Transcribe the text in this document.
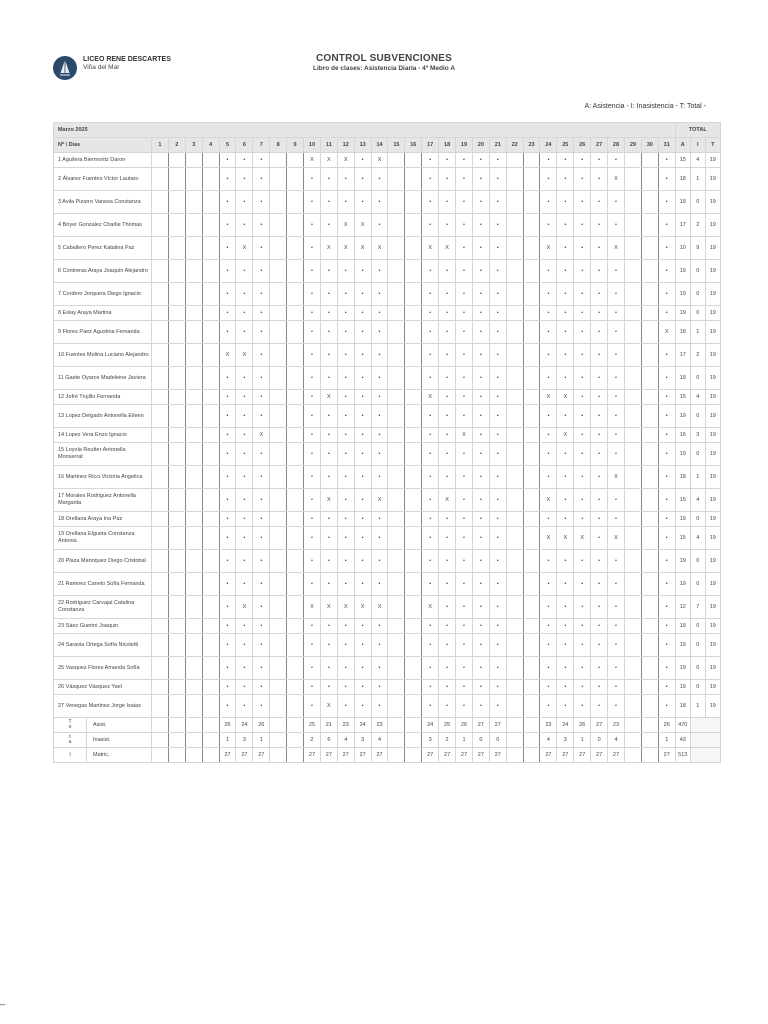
LICEO RENE DESCARTES
Viña del Mar
CONTROL SUBVENCIONES
Libro de clases: Asistencia Diaria - 4º Medio A
A: Asistencia - I: Inasistencia - T: Total -
Marzo 2025																																TOTAL		
Nº \ Días	1	2	3	4	5	6	7	8	9	10	11	12	13	14	15	16	17	18	19	20	21	22	23	24	25	26	27	28	29	30	31	A	I	T
1 Aguilera Biermoritz Daron					•	•	•			X	X	X	•	X			•	•	•	•	•			•	•	•	•	•			•	15	4	19
2 Álvarez Fuentes Víctor Lautaro					•	•	•			•	•	•	•	•			•	•	•	•	•			•	•	•	•	X			•	18	1	19
3 Avila Pizarro Vanesa Constanza					•	•	•			•	•	•	•	•			•	•	•	•	•			•	•	•	•	•			•	19	0	19
4 Boyer Gonzalez Charlie Thomas					•	•	•			•	•	X	X	•			•	•	•	•	•			•	•	•	•	•			•	17	2	19
5 Caballero Perez Katalina Paz					•	X	•			•	X	X	X	X			X	X	•	•	•			X	•	•	•	X			•	10	9	19
6 Contreras Araya Joaquín Alejandro					•	•	•			•	•	•	•	•			•	•	•	•	•			•	•	•	•	•			•	19	0	19
7 Cordero Jorquera Diego Ignacio					•	•	•			•	•	•	•	•			•	•	•	•	•			•	•	•	•	•			•	19	0	19
8 Eslay Araya Martina					•	•	•			•	•	•	•	•			•	•	•	•	•			•	•	•	•	•			•	19	0	19
9 Flores Paez Agustina Fernanda					•	•	•			•	•	•	•	•			•	•	•	•	•			•	•	•	•	•			X	18	1	19
10 Fuentes Molina Luciano Alejandro					X	X	•			•	•	•	•	•			•	•	•	•	•			•	•	•	•	•			•	17	2	19
11 Gaete Oyarce Madeleine Javiera					•	•	•			•	•	•	•	•			•	•	•	•	•			•	•	•	•	•			•	19	0	19
12 Jofré Trujillo Fernanda					•	•	•			•	X	•	•	•			X	•	•	•	•			X	X	•	•	•			•	15	4	19
13 Lopez Delgado Antonella Eileen					•	•	•			•	•	•	•	•			•	•	•	•	•			•	•	•	•	•			•	19	0	19
14 Lopez Vera Enzo Ignacio					•	•	X			•	•	•	•	•			•	•	X	•	•			•	X	•	•	•			•	16	3	19
15 Loyola Reutter Antonella Monserrat					•	•	•			•	•	•	•	•			•	•	•	•	•			•	•	•	•	•			•	19	0	19
16 Martinez Ricci Victoria Angelica					•	•	•			•	•	•	•	•			•	•	•	•	•			•	•	•	•	X			•	18	1	19
17 Morales Rodriguez Antonella Margarita					•	•	•			•	X	•	•	X			•	X	•	•	•			X	•	•	•	•			•	15	4	19
18 Orellana Araya Ina Paz					•	•	•			•	•	•	•	•			•	•	•	•	•			•	•	•	•	•			•	19	0	19
19 Orellana Elgueta Constanza Antonia					•	•	•			•	•	•	•	•			•	•	•	•	•			X	X	X	•	X			•	15	4	19
20 Plaza Manriquez Diego Cristobal					•	•	•			•	•	•	•	•			•	•	•	•	•			•	•	•	•	•			•	19	0	19
21 Ramirez Canelo Sofía Fernanda					•	•	•			•	•	•	•	•			•	•	•	•	•			•	•	•	•	•			•	19	0	19
22 Rodriguez Carvajal Catalina Constanza					•	X	•			X	X	X	X	X			X	•	•	•	•			•	•	•	•	•			•	12	7	19
23 Sáez Guerini Joaquin					•	•	•			•	•	•	•	•			•	•	•	•	•			•	•	•	•	•			•	19	0	19
24 Saravia Ortega Sofía Nicoletti					•	•	•			•	•	•	•	•			•	•	•	•	•			•	•	•	•	•			•	19	0	19
25 Vasquez Flores Amanda Sofía					•	•	•			•	•	•	•	•			•	•	•	•	•			•	•	•	•	•			•	19	0	19
26 Vásquez Vásquez Yael					•	•	•			•	•	•	•	•			•	•	•	•	•			•	•	•	•	•			•	19	0	19
27 Venegas Martinez Jorge Isaias					•	•	•			•	X	•	•	•			•	•	•	•	•			•	•	•	•	•			•	18	1	19

T
o Asist.					26	24	26			25	21	23	24	23			24	25	26	27	27			23	24	26	27	23			26	470		

t
a Inasist.					1	3	1			2	6	4	3	4			3	2	1	0	0			4	3	1	0	4			1	43		

l Matric.					27	27	27			27	27	27	27	27			27	27	27	27	27			27	27	27	27	27			27	513		
–
